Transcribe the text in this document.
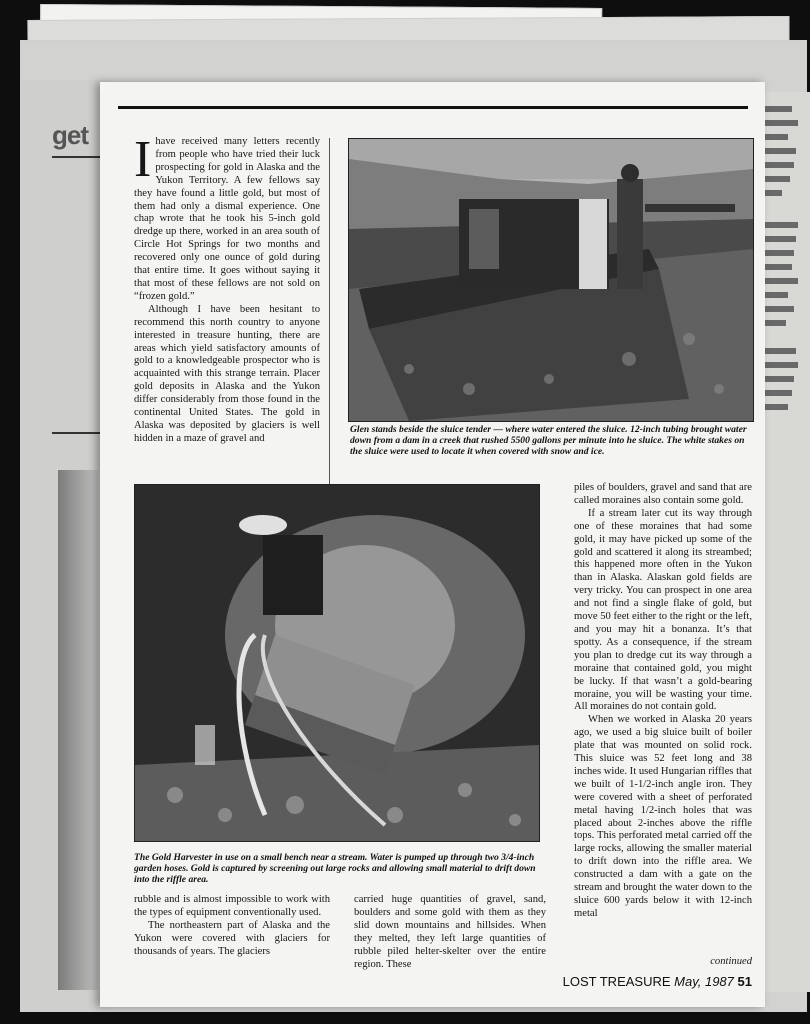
get Ihave received many letters recently from people who have tried their luck prospecting for gold in Alaska and the Yukon Territory. A few fellows say they have found a little gold, but most of them had only a dismal experience. One chap wrote that he took his 5-inch gold dredge up there, worked in an area south of Circle Hot Springs for two months and recovered only one ounce of gold during that entire time. It goes without saying it that most of these fellows are not sold on “frozen gold.”

Although I have been hesitant to recommend this north country to anyone interested in treasure hunting, there are areas which yield satisfactory amounts of gold to a knowledgeable prospector who is acquainted with this strange terrain. Placer gold deposits in Alaska and the Yukon differ considerably from those found in the continental United States. The gold in Alaska was deposited by glaciers is well hidden in a maze of gravel and

Glen stands beside the sluice tender — where water entered the sluice. 12-inch tubing brought water down from a dam in a creek that rushed 5500 gallons per minute into he sluice. The white stakes on the sluice were used to locate it when covered with snow and ice.
The Gold Harvester in use on a small bench near a stream. Water is pumped up through two 3/4-inch garden hoses. Gold is captured by screening out large rocks and allowing small material to drift down into the riffle area.

rubble and is almost impossible to work with the types of equipment conventionally used.

The northeastern part of Alaska and the Yukon were covered with glaciers for thousands of years. The glaciers

carried huge quantities of gravel, sand, boulders and some gold with them as they slid down mountains and hillsides. When they melted, they left large quantities of rubble piled helter-skelter over the entire region. These

piles of boulders, gravel and sand that are called moraines also contain some gold.

If a stream later cut its way through one of these moraines that had some gold, it may have picked up some of the gold and scattered it along its streambed; this happened more often in the Yukon than in Alaska. Alaskan gold fields are very tricky. You can prospect in one area and not find a single flake of gold, but move 50 feet either to the right or the left, and you may hit a bonanza. It’s that spotty. As a consequence, if the stream you plan to dredge cut its way through a moraine that contained gold, you might be lucky. If that wasn’t a gold-bearing moraine, you will be wasting your time. All moraines do not contain gold.

When we worked in Alaska 20 years ago, we used a big sluice built of boiler plate that was mounted on solid rock. This sluice was 52 feet long and 38 inches wide. It used Hungarian riffles that we built of 1-1/2-inch angle iron. They were covered with a sheet of perforated metal having 1/2-inch holes that was placed about 2-inches above the riffle tops. This perforated metal carried off the large rocks, allowing the smaller material to drift down into the riffle area. We constructed a dam with a gate on the stream and brought the water down to the sluice 600 yards below it with 12-inch metal

continued
LOST TREASURE May, 1987 51
